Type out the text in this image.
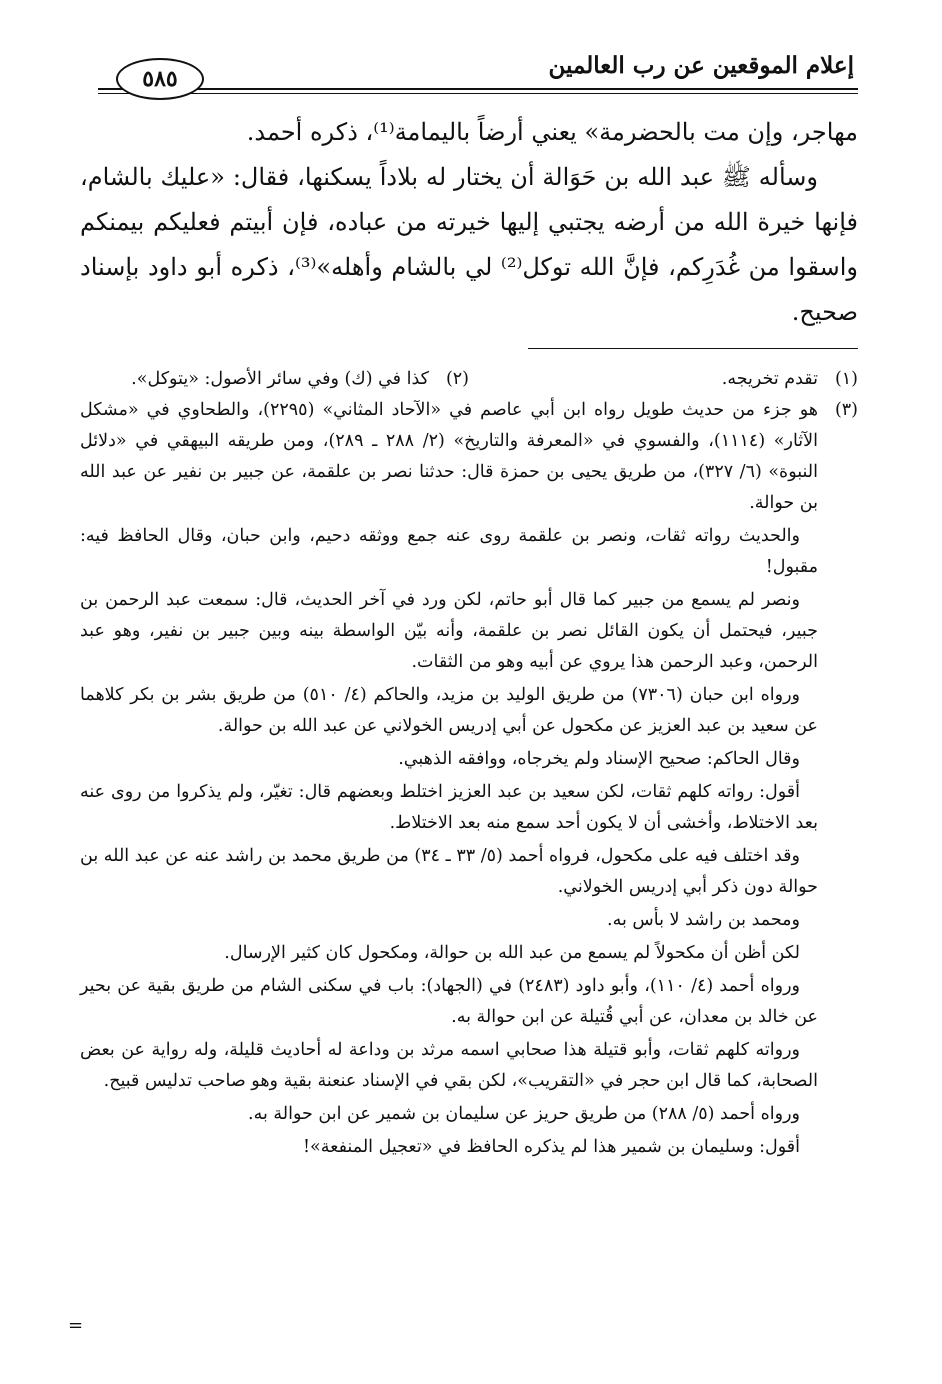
إعلام الموقعين عن رب العالمين
٥٨٥

مهاجر، وإن مت بالحضرمة» يعني أرضاً باليمامة⁽¹⁾، ذكره أحمد.

وسأله ﷺ عبد الله بن حَوَالة أن يختار له بلاداً يسكنها، فقال: «عليك بالشام، فإنها خيرة الله من أرضه يجتبي إليها خيرته من عباده، فإن أبيتم فعليكم بيمنكم واسقوا من غُدَرِكم، فإنَّ الله توكل⁽²⁾ لي بالشام وأهله»⁽³⁾، ذكره أبو داود بإسناد صحيح.

(١)
تقدم تخريجه.
(٢)
كذا في (ك) وفي سائر الأصول: «يتوكل».
(٣)

هو جزء من حديث طويل رواه ابن أبي عاصم في «الآحاد المثاني» (٢٢٩٥)، والطحاوي في «مشكل الآثار» (١١١٤)، والفسوي في «المعرفة والتاريخ» (٢/ ٢٨٨ ـ ٢٨٩)، ومن طريقه البيهقي في «دلائل النبوة» (٦/ ٣٢٧)، من طريق يحيى بن حمزة قال: حدثنا نصر بن علقمة، عن جبير بن نفير عن عبد الله بن حوالة.

والحديث رواته ثقات، ونصر بن علقمة روى عنه جمع ووثقه دحيم، وابن حبان، وقال الحافظ فيه: مقبول!

ونصر لم يسمع من جبير كما قال أبو حاتم، لكن ورد في آخر الحديث، قال: سمعت عبد الرحمن بن جبير، فيحتمل أن يكون القائل نصر بن علقمة، وأنه بيّن الواسطة بينه وبين جبير بن نفير، وهو عبد الرحمن، وعبد الرحمن هذا يروي عن أبيه وهو من الثقات.

ورواه ابن حبان (٧٣٠٦) من طريق الوليد بن مزيد، والحاكم (٤/ ٥١٠) من طريق بشر بن بكر كلاهما عن سعيد بن عبد العزيز عن مكحول عن أبي إدريس الخولاني عن عبد الله بن حوالة.

وقال الحاكم: صحيح الإسناد ولم يخرجاه، ووافقه الذهبي.

أقول: رواته كلهم ثقات، لكن سعيد بن عبد العزيز اختلط وبعضهم قال: تغيّر، ولم يذكروا من روى عنه بعد الاختلاط، وأخشى أن لا يكون أحد سمع منه بعد الاختلاط.

وقد اختلف فيه على مكحول، فرواه أحمد (٥/ ٣٣ ـ ٣٤) من طريق محمد بن راشد عنه عن عبد الله بن حوالة دون ذكر أبي إدريس الخولاني.

ومحمد بن راشد لا بأس به.

لكن أظن أن مكحولاً لم يسمع من عبد الله بن حوالة، ومكحول كان كثير الإرسال.

ورواه أحمد (٤/ ١١٠)، وأبو داود (٢٤٨٣) في (الجهاد): باب في سكنى الشام من طريق بقية عن بحير عن خالد بن معدان، عن أبي قُتيلة عن ابن حوالة به.

ورواته كلهم ثقات، وأبو قتيلة هذا صحابي اسمه مرثد بن وداعة له أحاديث قليلة، وله رواية عن بعض الصحابة، كما قال ابن حجر في «التقريب»، لكن بقي في الإسناد عنعنة بقية وهو صاحب تدليس قبيح.

ورواه أحمد (٥/ ٢٨٨) من طريق حريز عن سليمان بن شمير عن ابن حوالة به.

أقول: وسليمان بن شمير هذا لم يذكره الحافظ في «تعجيل المنفعة»!

=
